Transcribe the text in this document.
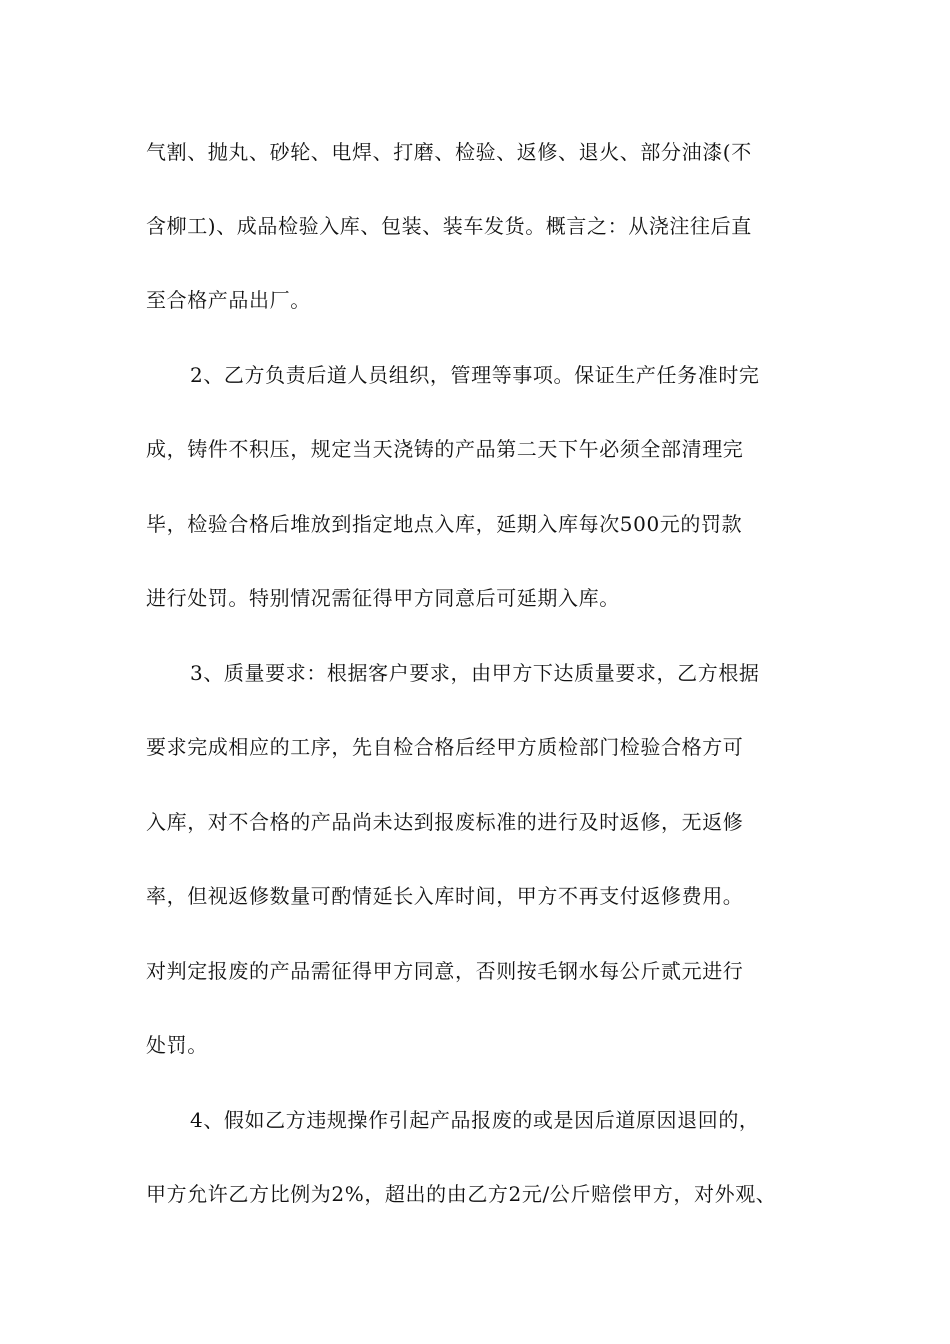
气割、抛丸、砂轮、电焊、打磨、检验、返修、退火、部分油漆(不
含柳工)、成品检验入库、包装、装车发货。概言之：从浇注往后直
至合格产品出厂。
2、乙方负责后道人员组织，管理等事项。保证生产任务准时完
成，铸件不积压，规定当天浇铸的产品第二天下午必须全部清理完
毕，检验合格后堆放到指定地点入库，延期入库每次500元的罚款
进行处罚。特别情况需征得甲方同意后可延期入库。
3、质量要求：根据客户要求，由甲方下达质量要求，乙方根据
要求完成相应的工序，先自检合格后经甲方质检部门检验合格方可
入库，对不合格的产品尚未达到报废标准的进行及时返修，无返修
率，但视返修数量可酌情延长入库时间，甲方不再支付返修费用。
对判定报废的产品需征得甲方同意，否则按毛钢水每公斤贰元进行
处罚。
4、假如乙方违规操作引起产品报废的或是因后道原因退回的，
甲方允许乙方比例为2%，超出的由乙方2元/公斤赔偿甲方，对外观、
